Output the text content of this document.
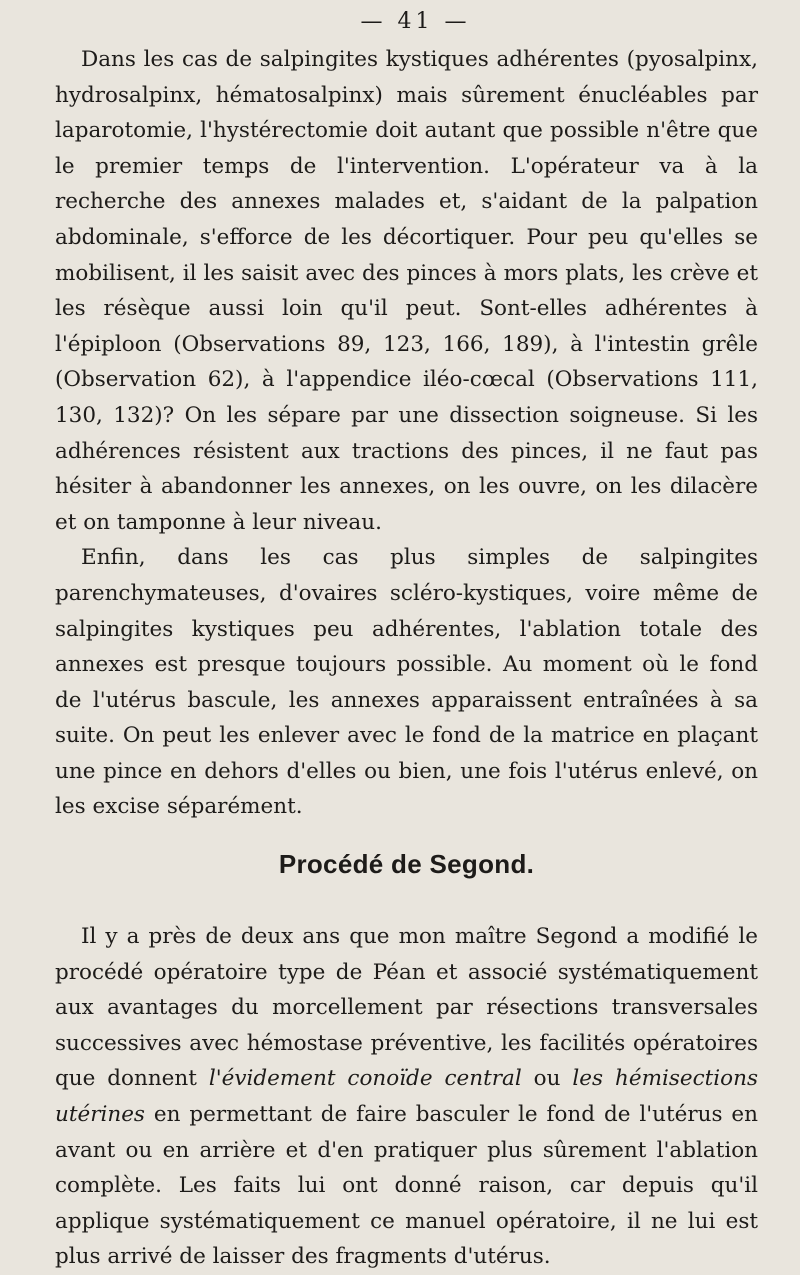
— 41 —

Dans les cas de salpingites kystiques adhérentes (pyosalpinx, hydrosalpinx, hématosalpinx) mais sûrement énucléables par laparotomie, l'hystérectomie doit autant que possible n'être que le premier temps de l'intervention. L'opérateur va à la recherche des annexes malades et, s'aidant de la palpation abdominale, s'efforce de les décortiquer. Pour peu qu'elles se mobilisent, il les saisit avec des pinces à mors plats, les crève et les résèque aussi loin qu'il peut. Sont-elles adhérentes à l'épiploon (Observations 89, 123, 166, 189), à l'intestin grêle (Observation 62), à l'appendice iléo-cœcal (Observations 111, 130, 132)? On les sépare par une dissection soigneuse. Si les adhérences résistent aux tractions des pinces, il ne faut pas hésiter à abandonner les annexes, on les ouvre, on les dilacère et on tamponne à leur niveau.

Enfin, dans les cas plus simples de salpingites parenchymateuses, d'ovaires scléro-kystiques, voire même de salpingites kystiques peu adhérentes, l'ablation totale des annexes est presque toujours possible. Au moment où le fond de l'utérus bascule, les annexes apparaissent entraînées à sa suite. On peut les enlever avec le fond de la matrice en plaçant une pince en dehors d'elles ou bien, une fois l'utérus enlevé, on les excise séparément.

Procédé de Segond.

Il y a près de deux ans que mon maître Segond a modifié le procédé opératoire type de Péan et associé systématiquement aux avantages du morcellement par résections transversales successives avec hémostase préventive, les facilités opératoires que donnent l'évidement conoïde central ou les hémisections utérines en permettant de faire basculer le fond de l'utérus en avant ou en arrière et d'en pratiquer plus sûrement l'ablation complète. Les faits lui ont donné raison, car depuis qu'il applique systématiquement ce manuel opératoire, il ne lui est plus arrivé de laisser des fragments d'utérus.
